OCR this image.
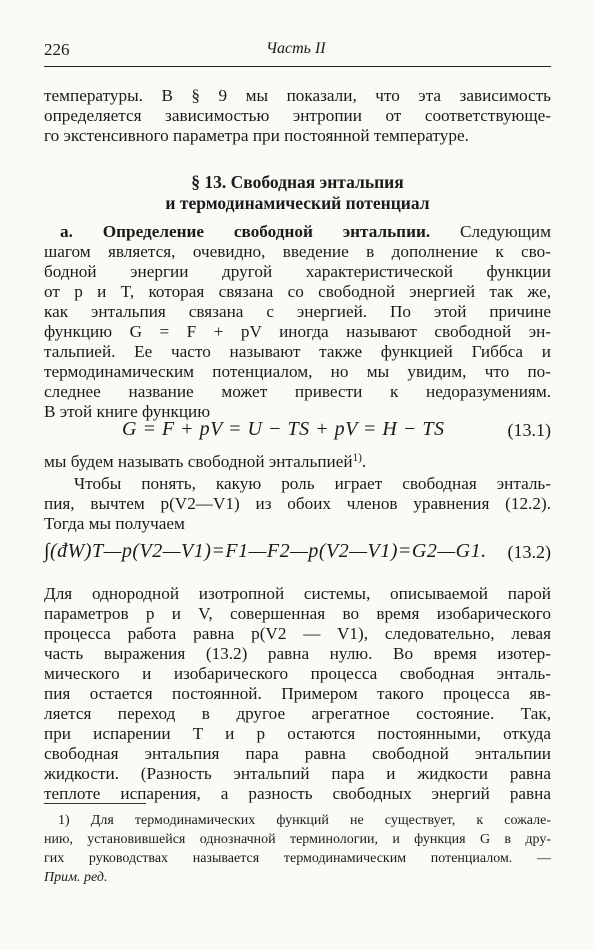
226	Часть II
температуры. В § 9 мы показали, что эта зависимость
определяется зависимостью энтропии от соответствующе-
го экстенсивного параметра при постоянной температуре.
§ 13. Свободная энтальпия
и термодинамический потенциал
а. Определение свободной энтальпии. Следующим
шагом является, очевидно, введение в дополнение к сво-
бодной энергии другой характеристической функции
от p и T, которая связана со свободной энергией так же,
как энтальпия связана с энергией. По этой причине
функцию G = F + pV иногда называют свободной эн-
тальпией. Ее часто называют также функцией Гиббса и
термодинамическим потенциалом, но мы увидим, что по-
следнее название может привести к недоразумениям.
В этой книге функцию
G = F + pV = U − TS + pV = H − TS	(13.1)
мы будем называть свободной энтальпией$^{1)}$.
Чтобы понять, какую роль играет свободная энталь-
пия, вычтем p(V2—V1) из обоих членов уравнения (12.2).
Тогда мы получаем
∫(đW)T—p(V2—V1)=F1—F2—p(V2—V1)=G2—G1. (13.2)
Для однородной изотропной системы, описываемой парой
параметров p и V, совершенная во время изобарического
процесса работа равна p(V2 — V1), следовательно, левая
часть выражения (13.2) равна нулю. Во время изотер-
мического и изобарического процесса свободная энталь-
пия остается постоянной. Примером такого процесса яв-
ляется переход в другое агрегатное состояние. Так,
при испарении T и p остаются постоянными, откуда
свободная энтальпия пара равна свободной энтальпии
жидкости. (Разность энтальпий пара и жидкости равна
теплоте испарения, а разность свободных энергий равна
1) Для термодинамических функций не существует, к сожале-
нию, установившейся однозначной терминологии, и функция G в дру-
гих руководствах называется термодинамическим потенциалом. —
Прим. ред.
